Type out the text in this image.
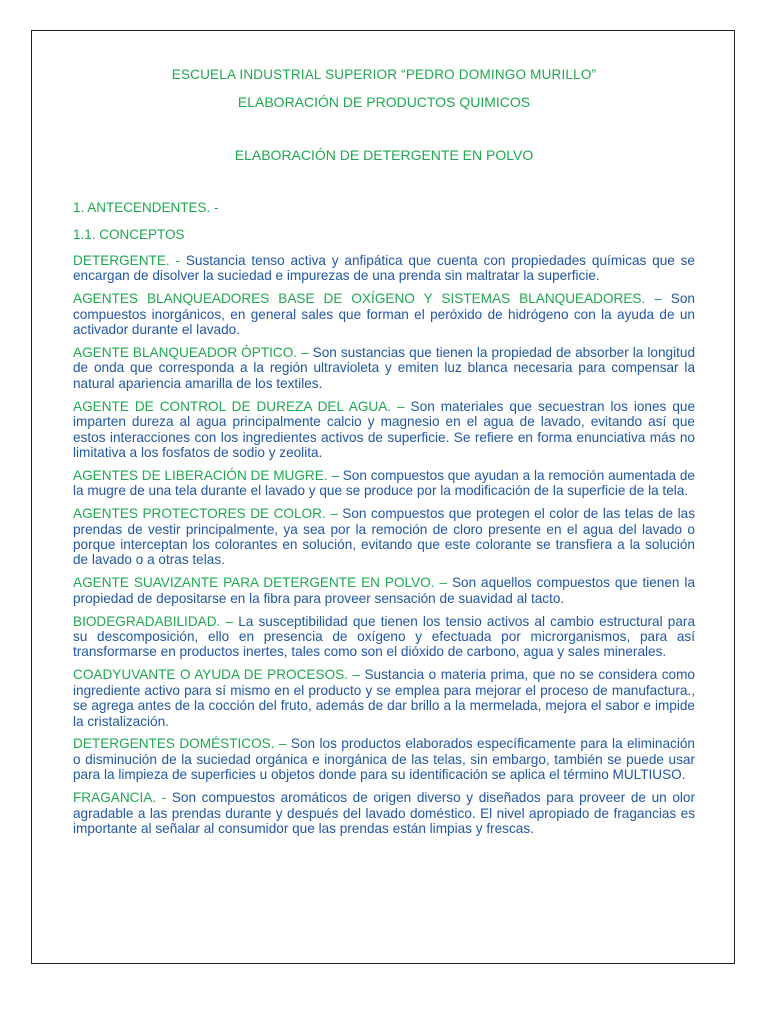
ESCUELA INDUSTRIAL SUPERIOR “PEDRO DOMINGO MURILLO”
ELABORACIÓN DE PRODUCTOS QUIMICOS
ELABORACIÓN DE DETERGENTE EN POLVO
1. ANTECENDENTES. -
1.1. CONCEPTOS

DETERGENTE. - Sustancia tenso activa y anfipática que cuenta con propiedades químicas que se encargan de disolver la suciedad e impurezas de una prenda sin maltratar la superficie.

AGENTES BLANQUEADORES BASE DE OXÍGENO Y SISTEMAS BLANQUEADORES. – Son compuestos inorgánicos, en general sales que forman el peróxido de hidrógeno con la ayuda de un activador durante el lavado.

AGENTE BLANQUEADOR ÓPTICO. – Son sustancias que tienen la propiedad de absorber la longitud de onda que corresponda a la región ultravioleta y emiten luz blanca necesaria para compensar la natural apariencia amarilla de los textiles.

AGENTE DE CONTROL DE DUREZA DEL AGUA. – Son materiales que secuestran los iones que imparten dureza al agua principalmente calcio y magnesio en el agua de lavado, evitando así que estos interacciones con los ingredientes activos de superficie. Se refiere en forma enunciativa más no limitativa a los fosfatos de sodio y zeolita.

AGENTES DE LIBERACIÓN DE MUGRE. – Son compuestos que ayudan a la remoción aumentada de la mugre de una tela durante el lavado y que se produce por la modificación de la superficie de la tela.

AGENTES PROTECTORES DE COLOR. – Son compuestos que protegen el color de las telas de las prendas de vestir principalmente, ya sea por la remoción de cloro presente en el agua del lavado o porque interceptan los colorantes en solución, evitando que este colorante se transfiera a la solución de lavado o a otras telas.

AGENTE SUAVIZANTE PARA DETERGENTE EN POLVO. – Son aquellos compuestos que tienen la propiedad de depositarse en la fibra para proveer sensación de suavidad al tacto.

BIODEGRADABILIDAD. – La susceptibilidad que tienen los tensio activos al cambio estructural para su descomposición, ello en presencia de oxígeno y efectuada por microrganismos, para así transformarse en productos inertes, tales como son el dióxido de carbono, agua y sales minerales.

COADYUVANTE O AYUDA DE PROCESOS. – Sustancia o materia prima, que no se considera como ingrediente activo para sí mismo en el producto y se emplea para mejorar el proceso de manufactura., se agrega antes de la cocción del fruto, además de dar brillo a la mermelada, mejora el sabor e impide la cristalización.

DETERGENTES DOMÉSTICOS. – Son los productos elaborados específicamente para la eliminación o disminución de la suciedad orgánica e inorgánica de las telas, sin embargo, también se puede usar para la limpieza de superficies u objetos donde para su identificación se aplica el término MULTIUSO.

FRAGANCIA. - Son compuestos aromáticos de origen diverso y diseñados para proveer de un olor agradable a las prendas durante y después del lavado doméstico. El nivel apropiado de fragancias es importante al señalar al consumidor que las prendas están limpias y frescas.
